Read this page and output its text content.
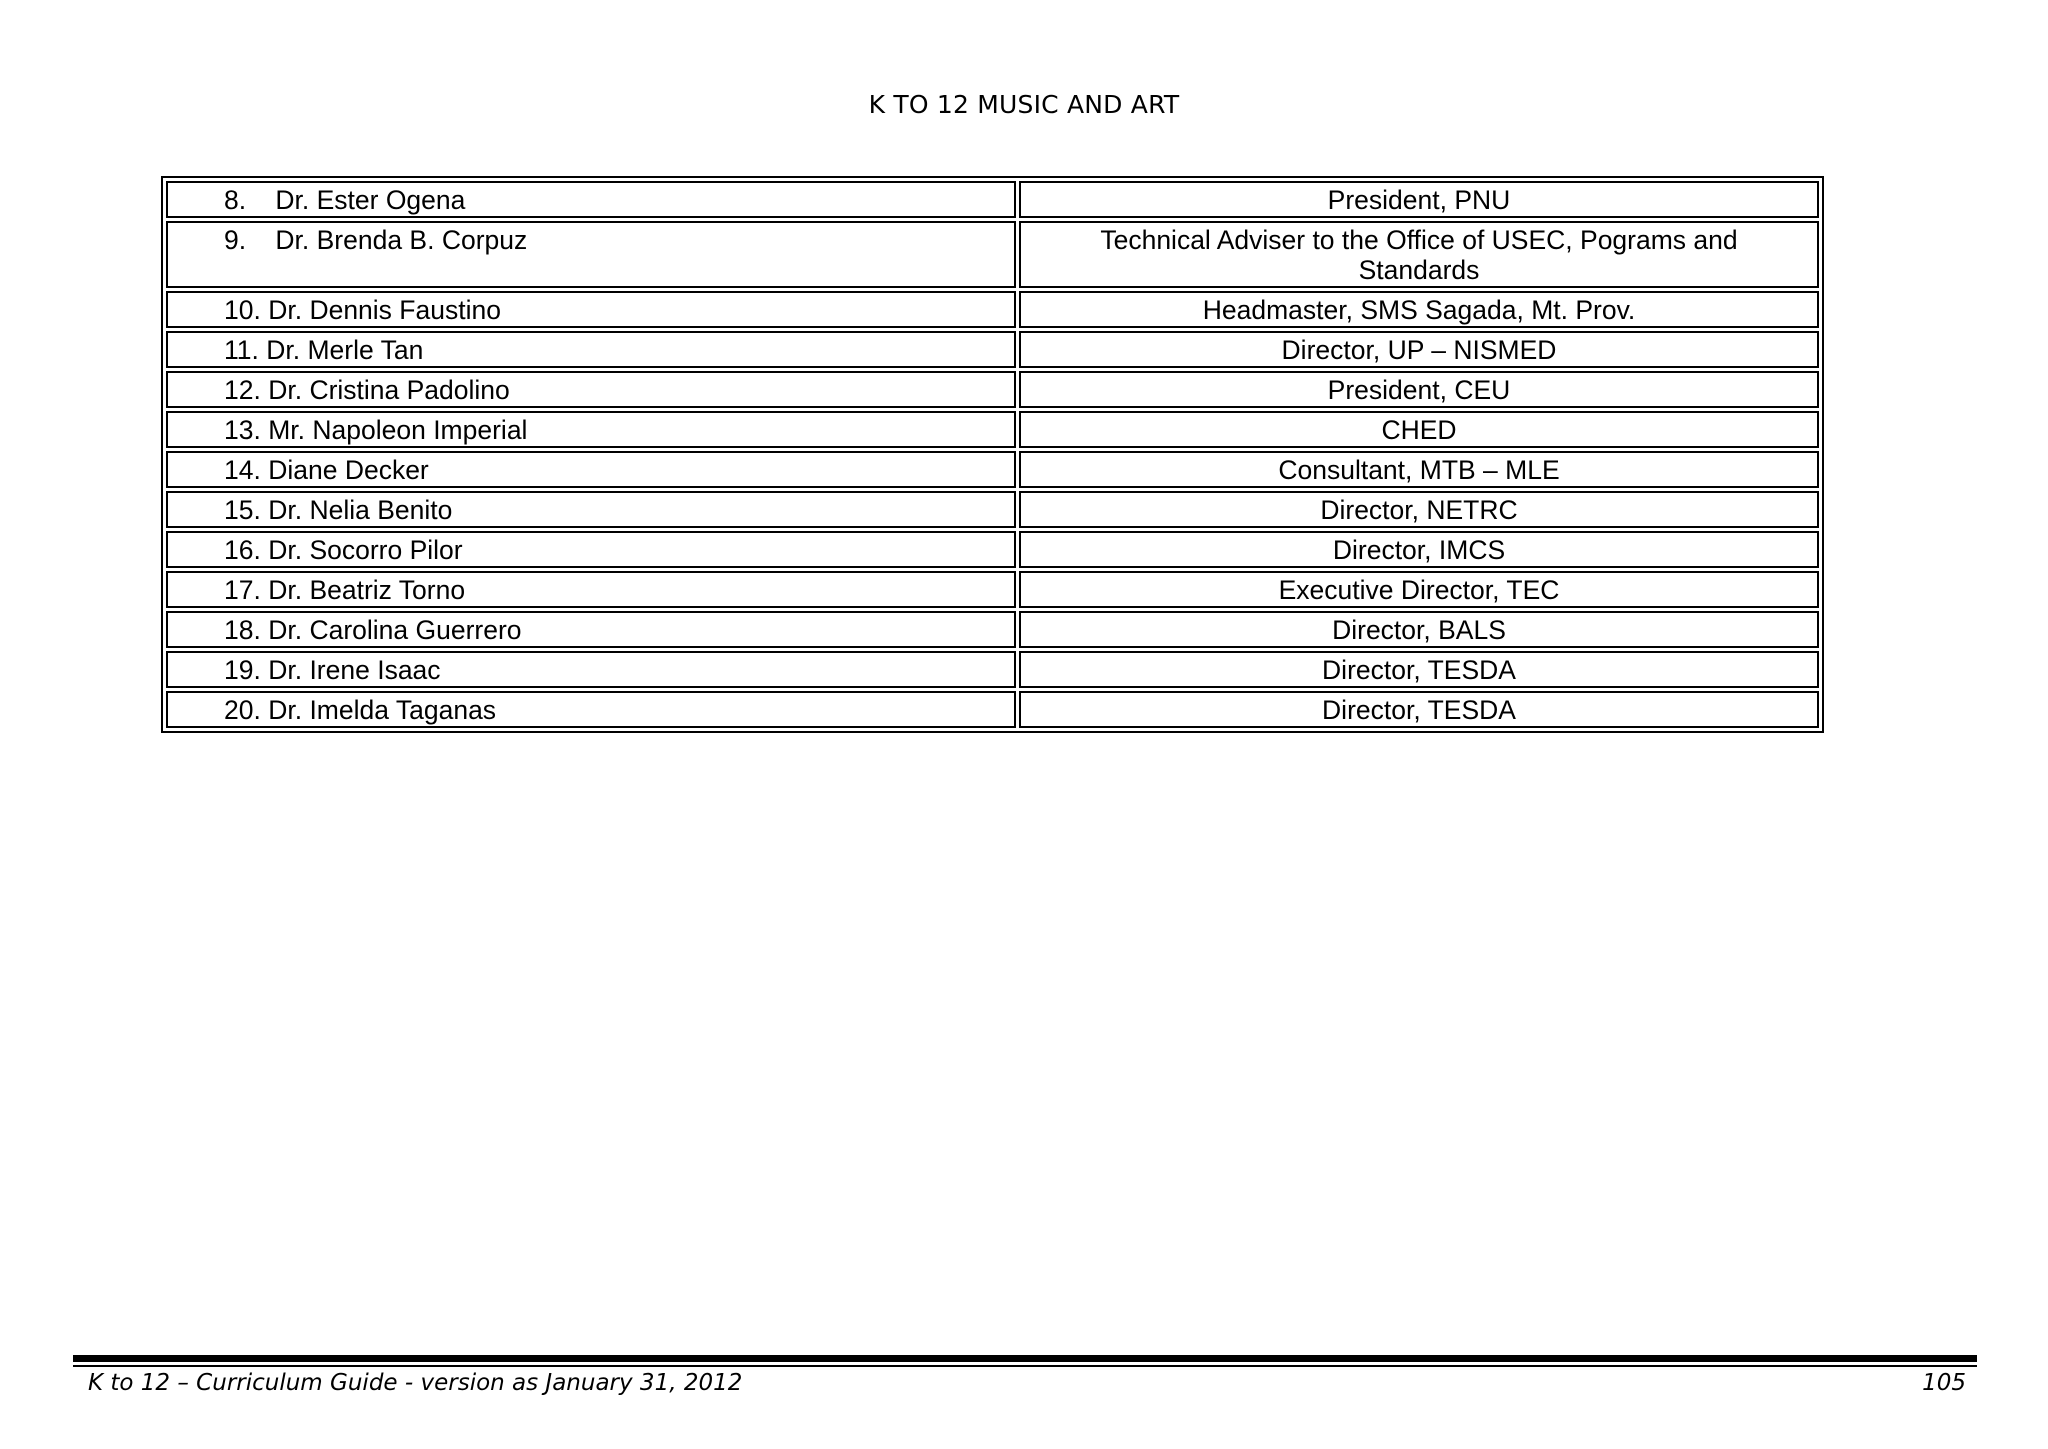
K TO 12 MUSIC AND ART
8. Dr. Ester Ogena	President, PNU
9. Dr. Brenda B. Corpuz	Technical Adviser to the Office of USEC, Pograms and Standards

10. Dr. Dennis Faustino	Headmaster, SMS Sagada, Mt. Prov.
11. Dr. Merle Tan	Director, UP – NISMED
12. Dr. Cristina Padolino	President, CEU
13. Mr. Napoleon Imperial	CHED
14. Diane Decker	Consultant, MTB – MLE
15. Dr. Nelia Benito	Director, NETRC
16. Dr. Socorro Pilor	Director, IMCS
17. Dr. Beatriz Torno	Executive Director, TEC
18. Dr. Carolina Guerrero	Director, BALS
19. Dr. Irene Isaac	Director, TESDA
20. Dr. Imelda Taganas	Director, TESDA
K to 12 – Curriculum Guide - version as January 31, 2012	105
